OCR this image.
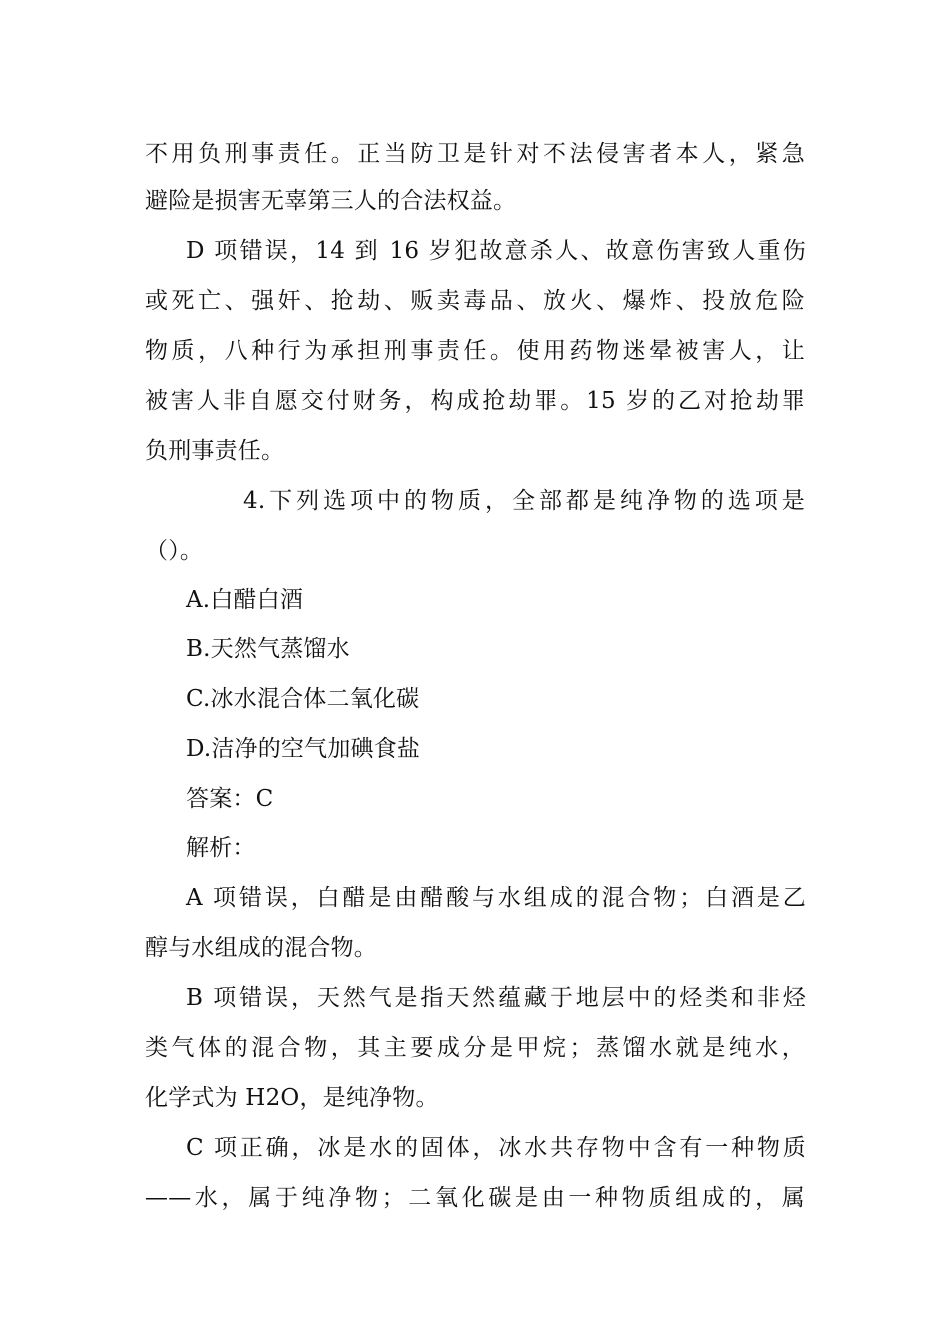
不用负刑事责任。正当防卫是针对不法侵害者本人，紧急
避险是损害无辜第三人的合法权益。
D 项错误，14 到 16 岁犯故意杀人、故意伤害致人重伤
或死亡、强奸、抢劫、贩卖毒品、放火、爆炸、投放危险
物质，八种行为承担刑事责任。使用药物迷晕被害人，让
被害人非自愿交付财务，构成抢劫罪。15 岁的乙对抢劫罪
负刑事责任。
4.下列选项中的物质，全部都是纯净物的选项是
（）。
A.白醋白酒
B.天然气蒸馏水
C.冰水混合体二氧化碳
D.洁净的空气加碘食盐
答案：C
解析：
A 项错误，白醋是由醋酸与水组成的混合物；白酒是乙
醇与水组成的混合物。
B 项错误，天然气是指天然蕴藏于地层中的烃类和非烃
类气体的混合物，其主要成分是甲烷；蒸馏水就是纯水，
化学式为 H2O，是纯净物。
C 项正确，冰是水的固体，冰水共存物中含有一种物质
——水，属于纯净物；二氧化碳是由一种物质组成的，属
